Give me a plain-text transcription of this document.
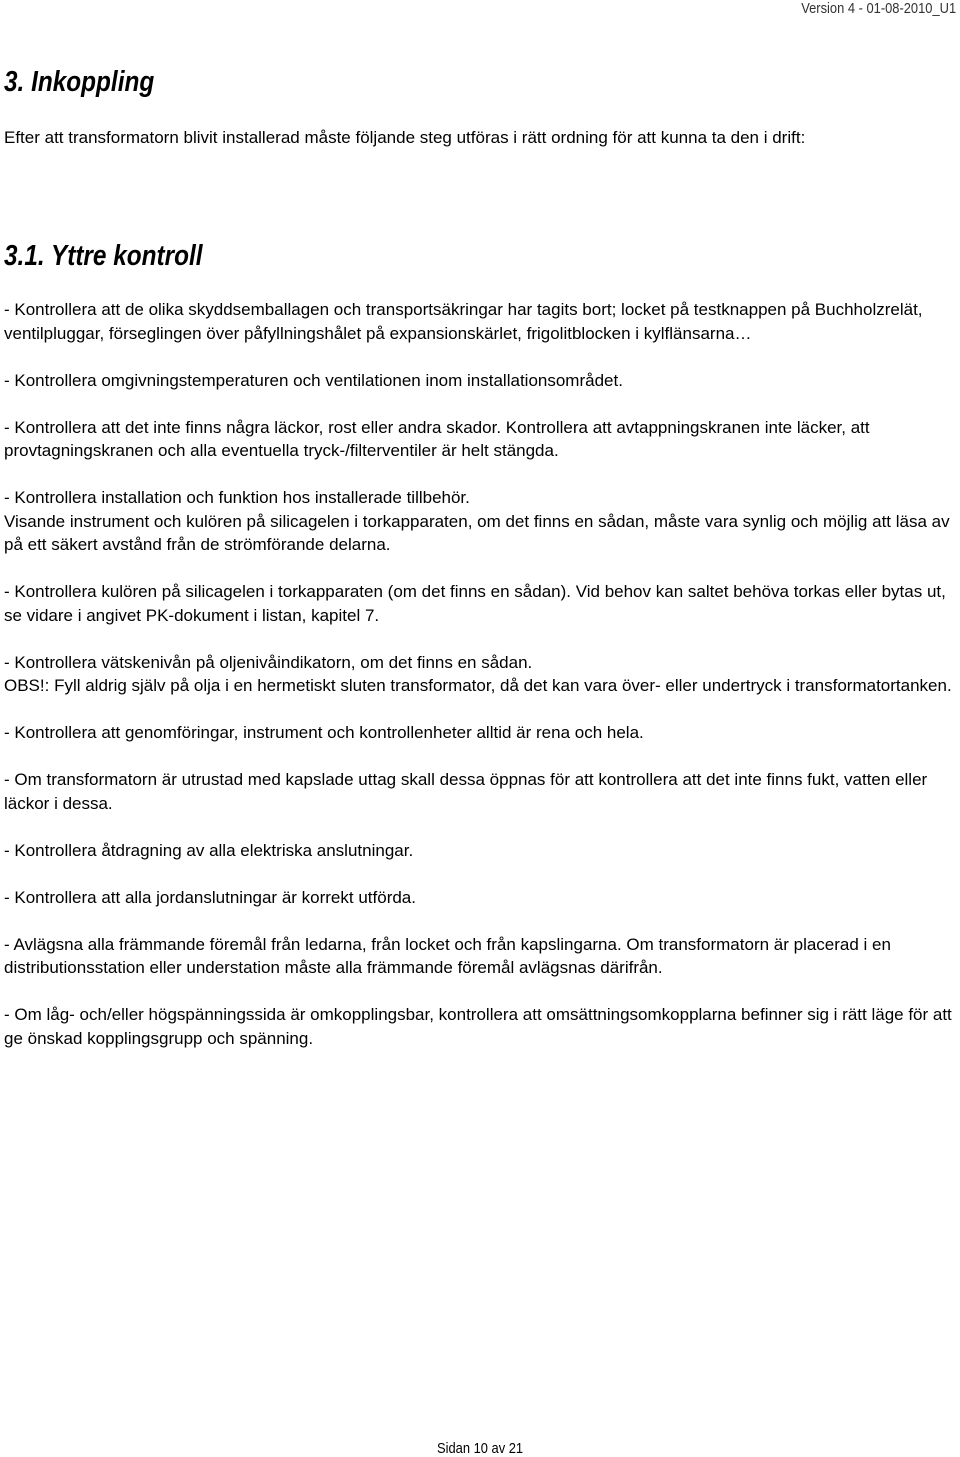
Version 4 - 01-08-2010_U1
3. Inkoppling

Efter att transformatorn blivit installerad måste följande steg utföras i rätt ordning för att kunna ta den i drift:

3.1. Yttre kontroll

- Kontrollera att de olika skyddsemballagen och transportsäkringar har tagits bort; locket på testknappen på Buchholzrelät, ventilpluggar, förseglingen över påfyllningshålet på expansionskärlet, frigolitblocken i kylflänsarna…

- Kontrollera omgivningstemperaturen och ventilationen inom installationsområdet.

- Kontrollera att det inte finns några läckor, rost eller andra skador. Kontrollera att avtappningskranen inte läcker, att provtagningskranen och alla eventuella tryck-/filterventiler är helt stängda.

- Kontrollera installation och funktion hos installerade tillbehör.

Visande instrument och kulören på silicagelen i torkapparaten, om det finns en sådan, måste vara synlig och möjlig att läsa av på ett säkert avstånd från de strömförande delarna.

- Kontrollera kulören på silicagelen i torkapparaten (om det finns en sådan). Vid behov kan saltet behöva torkas eller bytas ut, se vidare i angivet PK-dokument i listan, kapitel 7.

- Kontrollera vätskenivån på oljenivåindikatorn, om det finns en sådan.

OBS!: Fyll aldrig själv på olja i en hermetiskt sluten transformator, då det kan vara över- eller undertryck i transformatortanken.

- Kontrollera att genomföringar, instrument och kontrollenheter alltid är rena och hela.

- Om transformatorn är utrustad med kapslade uttag skall dessa öppnas för att kontrollera att det inte finns fukt, vatten eller läckor i dessa.

- Kontrollera åtdragning av alla elektriska anslutningar.

- Kontrollera att alla jordanslutningar är korrekt utförda.

- Avlägsna alla främmande föremål från ledarna, från locket och från kapslingarna. Om transformatorn är placerad i en distributionsstation eller understation måste alla främmande föremål avlägsnas därifrån.

- Om låg- och/eller högspänningssida är omkopplingsbar, kontrollera att omsättningsomkopplarna befinner sig i rätt läge för att ge önskad kopplingsgrupp och spänning.

Sidan 10 av 21
